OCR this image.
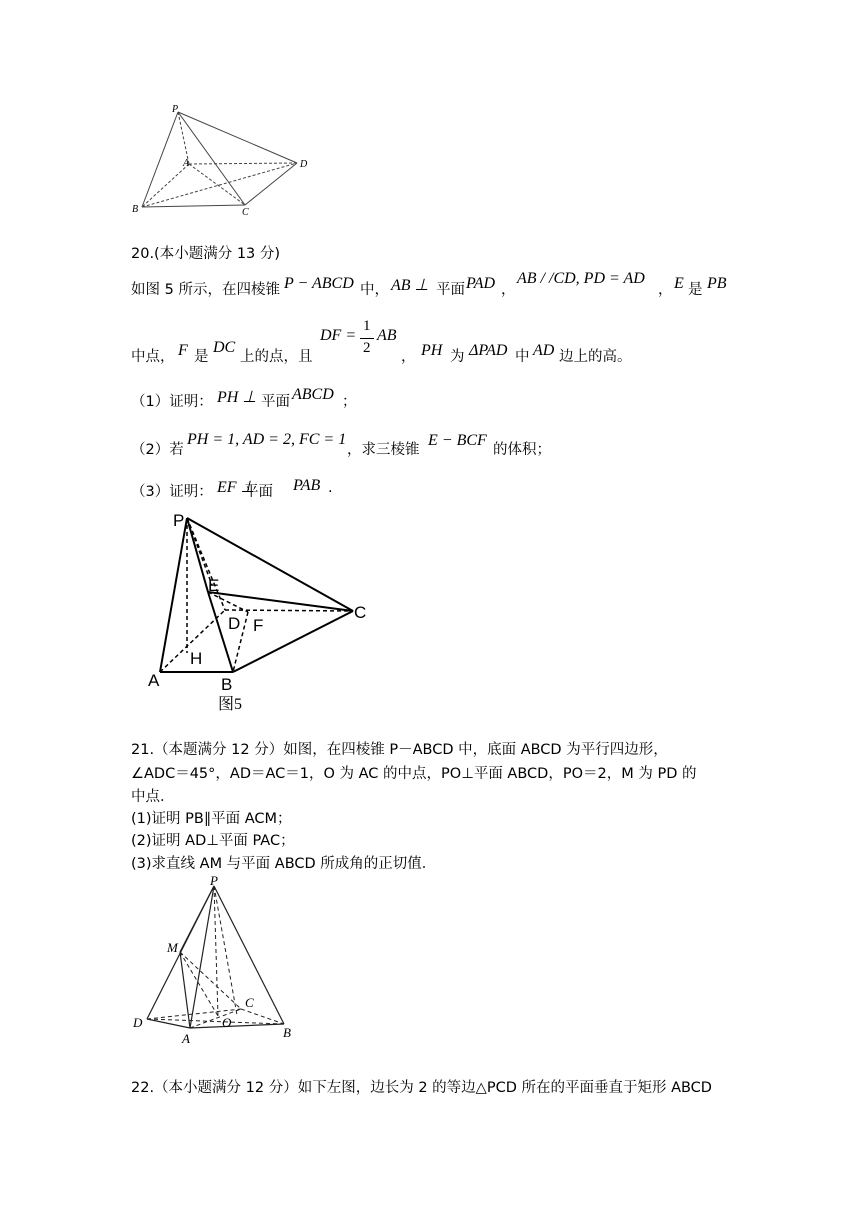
P
A
B	C
D
20.(本小题满分 13 分)
如图 5 所示，在四棱锥 P − ABCD 中， AB ⊥ 平面 PAD ，
AB / /CD, PD = AD
， E 是 PB
中点， F 是
DC
上的点，且
DF =
1
2
AB
， PH 为 ΔPAD 中 AD 边上的高。
（1）证明： PH ⊥ 平面 ABCD ；
（2）若
PH = 1, AD = 2, FC = 1
，求三棱锥
E − BCF
的体积；
（3）证明： EF ⊥
平面 PAB .
P
E
D F
C
H
A	B
图5
21.（本题满分 12 分）如图，在四棱锥 P－ABCD 中，底面 ABCD 为平行四边形，
∠ADC＝45°，AD＝AC＝1，O 为 AC 的中点，PO⊥平面 ABCD，PO＝2，M 为 PD 的
中点．
(1)证明 PB∥平面 ACM；
(2)证明 AD⊥平面 PAC；
(3)求直线 AM 与平面 ABCD 所成角的正切值．
P
M
C
D	O
A	B
22.（本小题满分 12 分）如下左图，边长为 2 的等边△PCD 所在的平面垂直于矩形 ABCD
